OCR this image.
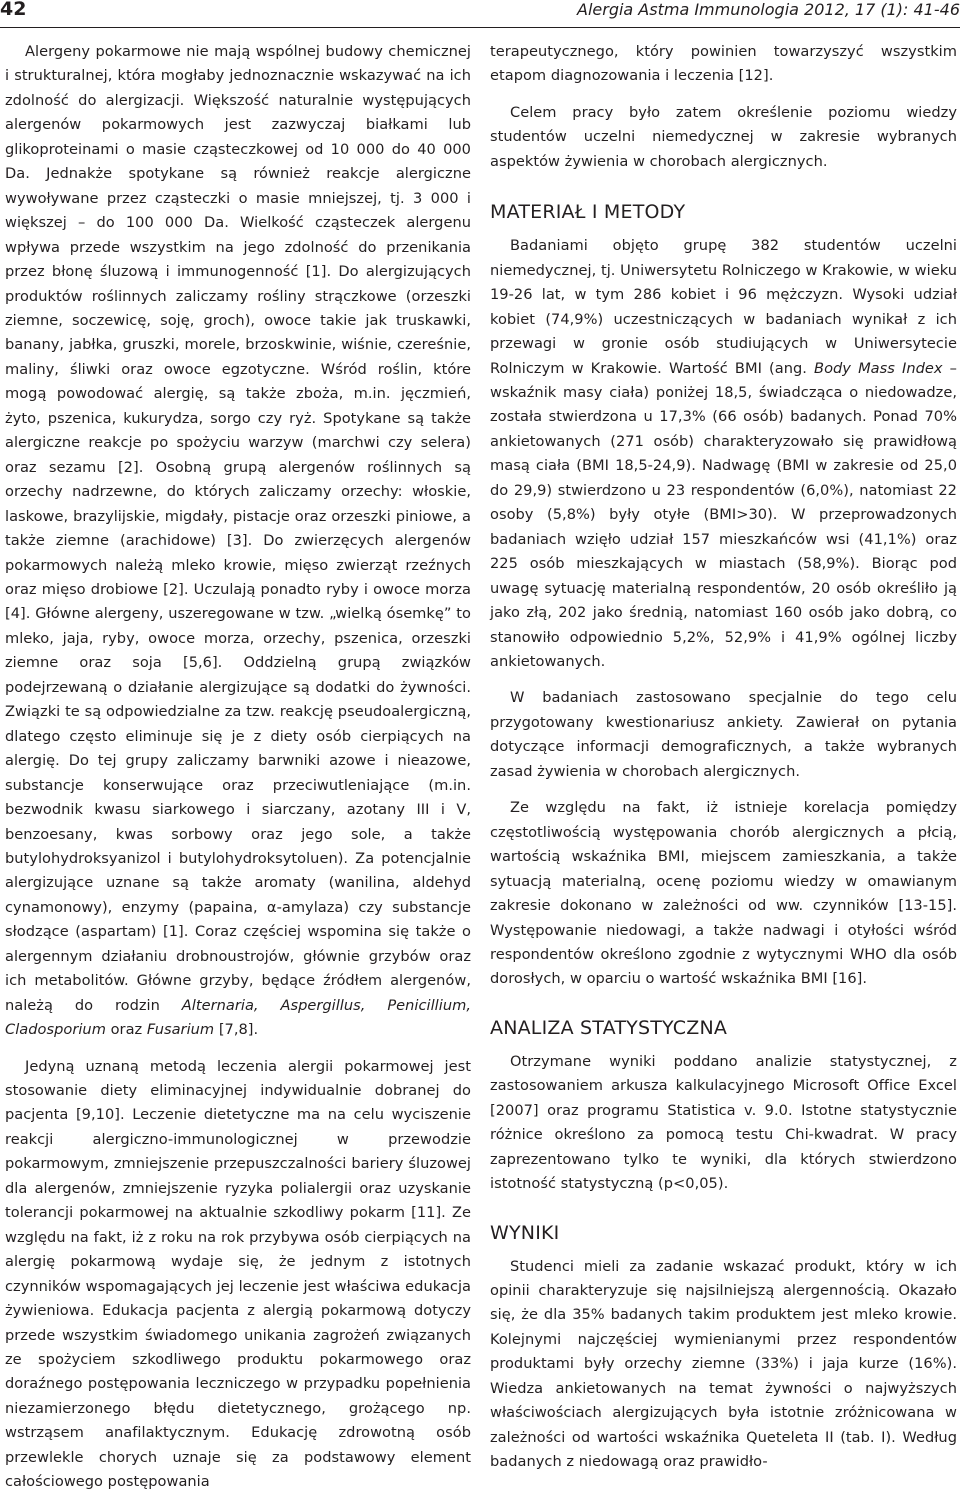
42	Alergia Astma Immunologia 2012, 17 (1): 41-46

Alergeny pokarmowe nie mają wspólnej budowy chemicznej i strukturalnej, która mogłaby jednoznacznie wskazywać na ich zdolność do alergizacji. Większość naturalnie występujących alergenów pokarmowych jest zazwyczaj białkami lub glikoproteinami o masie cząsteczkowej od 10 000 do 40 000 Da. Jednakże spotykane są również reakcje alergiczne wywoływane przez cząsteczki o masie mniejszej, tj. 3 000 i większej – do 100 000 Da. Wielkość cząsteczek alergenu wpływa przede wszystkim na jego zdolność do przenikania przez błonę śluzową i immunogenność [1]. Do alergizujących produktów roślinnych zaliczamy rośliny strączkowe (orzeszki ziemne, soczewicę, soję, groch), owoce takie jak truskawki, banany, jabłka, gruszki, morele, brzoskwinie, wiśnie, czereśnie, maliny, śliwki oraz owoce egzotyczne. Wśród roślin, które mogą powodować alergię, są także zboża, m.in. jęczmień, żyto, pszenica, kukurydza, sorgo czy ryż. Spotykane są także alergiczne reakcje po spożyciu warzyw (marchwi czy selera) oraz sezamu [2]. Osobną grupą alergenów roślinnych są orzechy nadrzewne, do których zaliczamy orzechy: włoskie, laskowe, brazylijskie, migdały, pistacje oraz orzeszki piniowe, a także ziemne (arachidowe) [3]. Do zwierzęcych alergenów pokarmowych należą mleko krowie, mięso zwierząt rzeźnych oraz mięso drobiowe [2]. Uczulają ponadto ryby i owoce morza [4]. Główne alergeny, uszeregowane w tzw. „wielką ósemkę” to mleko, jaja, ryby, owoce morza, orzechy, pszenica, orzeszki ziemne oraz soja [5,6]. Oddzielną grupą związków podejrzewaną o działanie alergizujące są dodatki do żywności. Związki te są odpowiedzialne za tzw. reakcję pseudoalergiczną, dlatego często eliminuje się je z diety osób cierpiących na alergię. Do tej grupy zaliczamy barwniki azowe i nieazowe, substancje konserwujące oraz przeciwutleniające (m.in. bezwodnik kwasu siarkowego i siarczany, azotany III i V, benzoesany, kwas sorbowy oraz jego sole, a także butylohydroksyanizol i butylohydroksytoluen). Za potencjalnie alergizujące uznane są także aromaty (wanilina, aldehyd cynamonowy), enzymy (papaina, α-amylaza) czy substancje słodzące (aspartam) [1]. Coraz częściej wspomina się także o alergennym działaniu drobnoustrojów, głównie grzybów oraz ich metabolitów. Główne grzyby, będące źródłem alergenów, należą do rodzin Alternaria, Aspergillus, Penicillium, Cladosporium oraz Fusarium [7,8].

Jedyną uznaną metodą leczenia alergii pokarmowej jest stosowanie diety eliminacyjnej indywidualnie dobranej do pacjenta [9,10]. Leczenie dietetyczne ma na celu wyciszenie reakcji alergiczno-immunologicznej w przewodzie pokarmowym, zmniejszenie przepuszczalności bariery śluzowej dla alergenów, zmniejszenie ryzyka polialergii oraz uzyskanie tolerancji pokarmowej na aktualnie szkodliwy pokarm [11]. Ze względu na fakt, iż z roku na rok przybywa osób cierpiących na alergię pokarmową wydaje się, że jednym z istotnych czynników wspomagających jej leczenie jest właściwa edukacja żywieniowa. Edukacja pacjenta z alergią pokarmową dotyczy przede wszystkim świadomego unikania zagrożeń związanych ze spożyciem szkodliwego produktu pokarmowego oraz doraźnego postępowania leczniczego w przypadku popełnienia niezamierzonego błędu dietetycznego, grożącego np. wstrząsem anafilaktycznym. Edukację zdrowotną osób przewlekle chorych uznaje się za podstawowy element całościowego postępowania

terapeutycznego, który powinien towarzyszyć wszystkim etapom diagnozowania i leczenia [12].

Celem pracy było zatem określenie poziomu wiedzy studentów uczelni niemedycznej w zakresie wybranych aspektów żywienia w chorobach alergicznych.

MATERIAŁ I METODY

Badaniami objęto grupę 382 studentów uczelni niemedycznej, tj. Uniwersytetu Rolniczego w Krakowie, w wieku 19-26 lat, w tym 286 kobiet i 96 mężczyzn. Wysoki udział kobiet (74,9%) uczestniczących w badaniach wynikał z ich przewagi w gronie osób studiujących w Uniwersytecie Rolniczym w Krakowie. Wartość BMI (ang. Body Mass Index – wskaźnik masy ciała) poniżej 18,5, świadcząca o niedowadze, została stwierdzona u 17,3% (66 osób) badanych. Ponad 70% ankietowanych (271 osób) charakteryzowało się prawidłową masą ciała (BMI 18,5-24,9). Nadwagę (BMI w zakresie od 25,0 do 29,9) stwierdzono u 23 respondentów (6,0%), natomiast 22 osoby (5,8%) były otyłe (BMI>30). W przeprowadzonych badaniach wzięło udział 157 mieszkańców wsi (41,1%) oraz 225 osób mieszkających w miastach (58,9%). Biorąc pod uwagę sytuację materialną respondentów, 20 osób określiło ją jako złą, 202 jako średnią, natomiast 160 osób jako dobrą, co stanowiło odpowiednio 5,2%, 52,9% i 41,9% ogólnej liczby ankietowanych.

W badaniach zastosowano specjalnie do tego celu przygotowany kwestionariusz ankiety. Zawierał on pytania dotyczące informacji demograficznych, a także wybranych zasad żywienia w chorobach alergicznych.

Ze względu na fakt, iż istnieje korelacja pomiędzy częstotliwością występowania chorób alergicznych a płcią, wartością wskaźnika BMI, miejscem zamieszkania, a także sytuacją materialną, ocenę poziomu wiedzy w omawianym zakresie dokonano w zależności od ww. czynników [13-15]. Występowanie niedowagi, a także nadwagi i otyłości wśród respondentów określono zgodnie z wytycznymi WHO dla osób dorosłych, w oparciu o wartość wskaźnika BMI [16].

ANALIZA STATYSTYCZNA

Otrzymane wyniki poddano analizie statystycznej, z zastosowaniem arkusza kalkulacyjnego Microsoft Office Excel [2007] oraz programu Statistica v. 9.0. Istotne statystycznie różnice określono za pomocą testu Chi-kwadrat. W pracy zaprezentowano tylko te wyniki, dla których stwierdzono istotność statystyczną (p<0,05).

WYNIKI

Studenci mieli za zadanie wskazać produkt, który w ich opinii charakteryzuje się najsilniejszą alergennością. Okazało się, że dla 35% badanych takim produktem jest mleko krowie. Kolejnymi najczęściej wymienianymi przez respondentów produktami były orzechy ziemne (33%) i jaja kurze (16%). Wiedza ankietowanych na temat żywności o najwyższych właściwościach alergizujących była istotnie zróżnicowana w zależności od wartości wskaźnika Queteleta II (tab. I). Według badanych z niedowagą oraz prawidło-
